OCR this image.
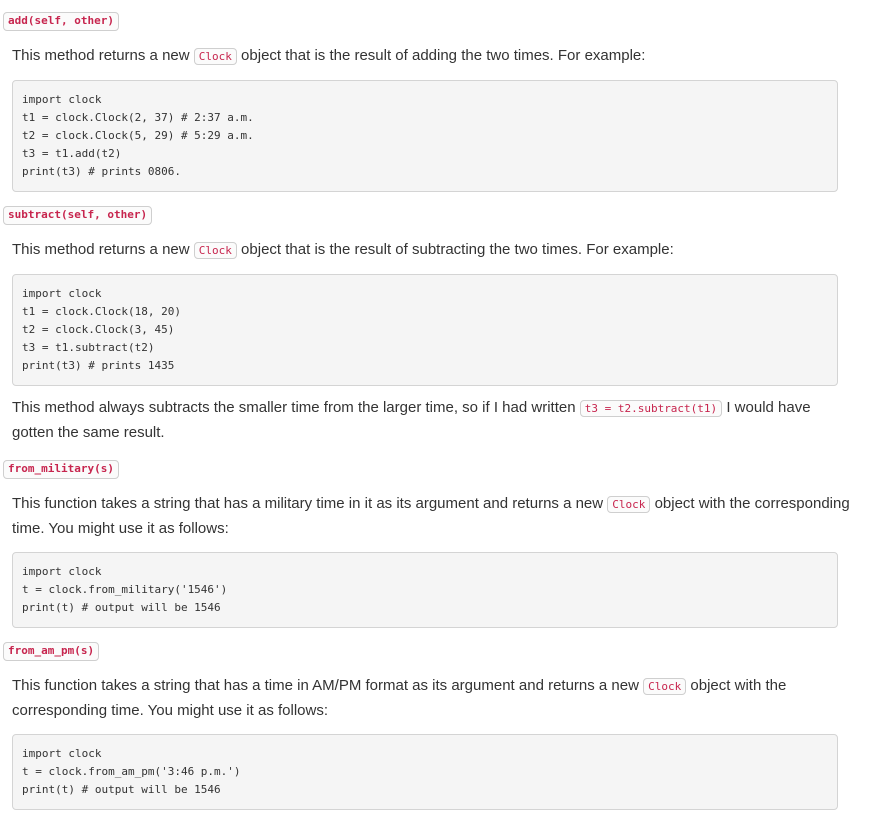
add(self, other)

This method returns a new Clock object that is the result of adding the two times. For example:

import clock
t1 = clock.Clock(2, 37) # 2:37 a.m.
t2 = clock.Clock(5, 29) # 5:29 a.m.
t3 = t1.add(t2)
print(t3) # prints 0806.
subtract(self, other)

This method returns a new Clock object that is the result of subtracting the two times. For example:

import clock
t1 = clock.Clock(18, 20)
t2 = clock.Clock(3, 45)
t3 = t1.subtract(t2)
print(t3) # prints 1435

This method always subtracts the smaller time from the larger time, so if I had written t3 = t2.subtract(t1) I would have gotten the same result.

from_military(s)

This function takes a string that has a military time in it as its argument and returns a new Clock object with the corresponding time. You might use it as follows:

import clock
t = clock.from_military('1546')
print(t) # output will be 1546
from_am_pm(s)

This function takes a string that has a time in AM/PM format as its argument and returns a new Clock object with the corresponding time. You might use it as follows:

import clock
t = clock.from_am_pm('3:46 p.m.')
print(t) # output will be 1546
